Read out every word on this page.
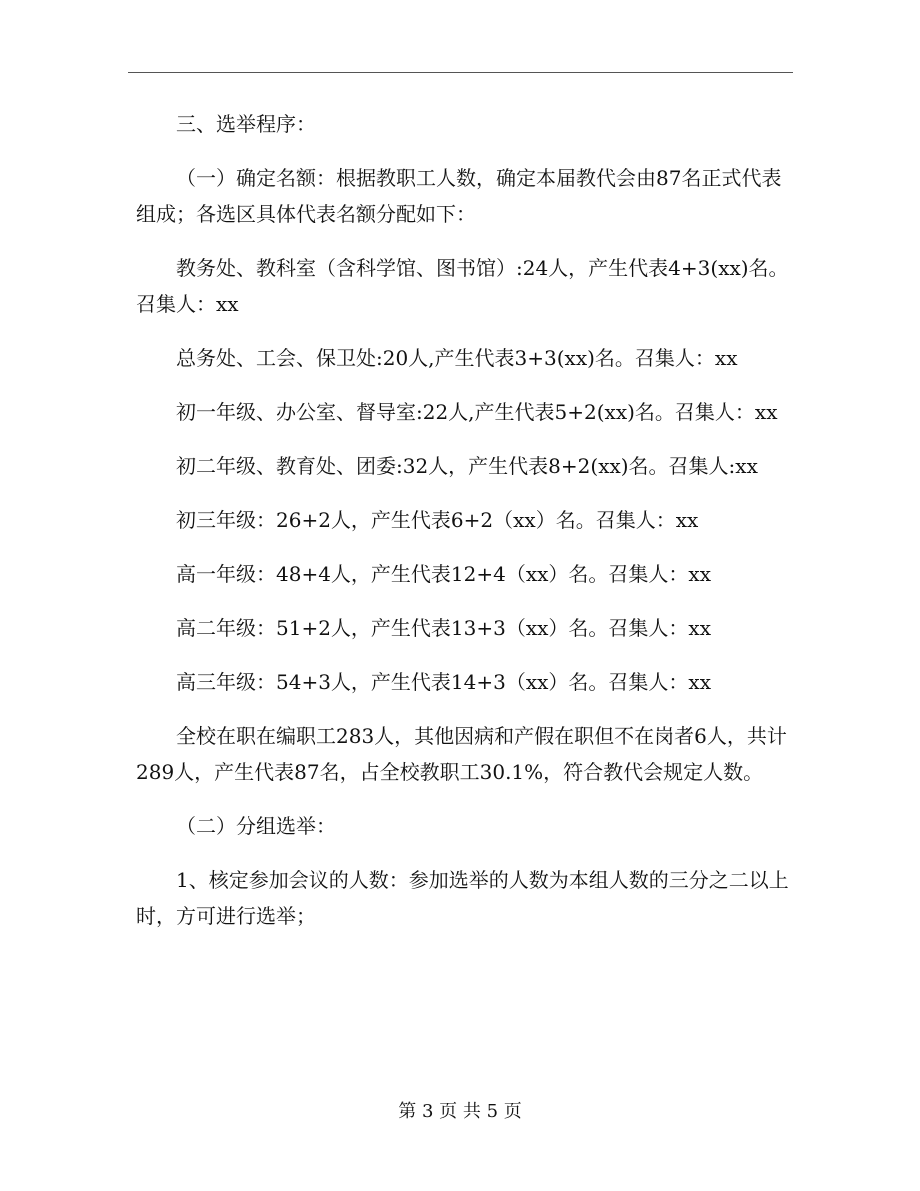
三、选举程序：

（一）确定名额：根据教职工人数，确定本届教代会由87名正式代表组成；各选区具体代表名额分配如下：

教务处、教科室（含科学馆、图书馆）:24人，产生代表4+3(xx)名。召集人：xx

总务处、工会、保卫处:20人,产生代表3+3(xx)名。召集人：xx

初一年级、办公室、督导室:22人,产生代表5+2(xx)名。召集人：xx

初二年级、教育处、团委:32人，产生代表8+2(xx)名。召集人:xx

初三年级：26+2人，产生代表6+2（xx）名。召集人：xx

高一年级：48+4人，产生代表12+4（xx）名。召集人：xx

高二年级：51+2人，产生代表13+3（xx）名。召集人：xx

高三年级：54+3人，产生代表14+3（xx）名。召集人：xx

全校在职在编职工283人，其他因病和产假在职但不在岗者6人，共计289人，产生代表87名，占全校教职工30.1%，符合教代会规定人数。

（二）分组选举：

1、核定参加会议的人数：参加选举的人数为本组人数的三分之二以上时，方可进行选举；

第 3 页 共 5 页
